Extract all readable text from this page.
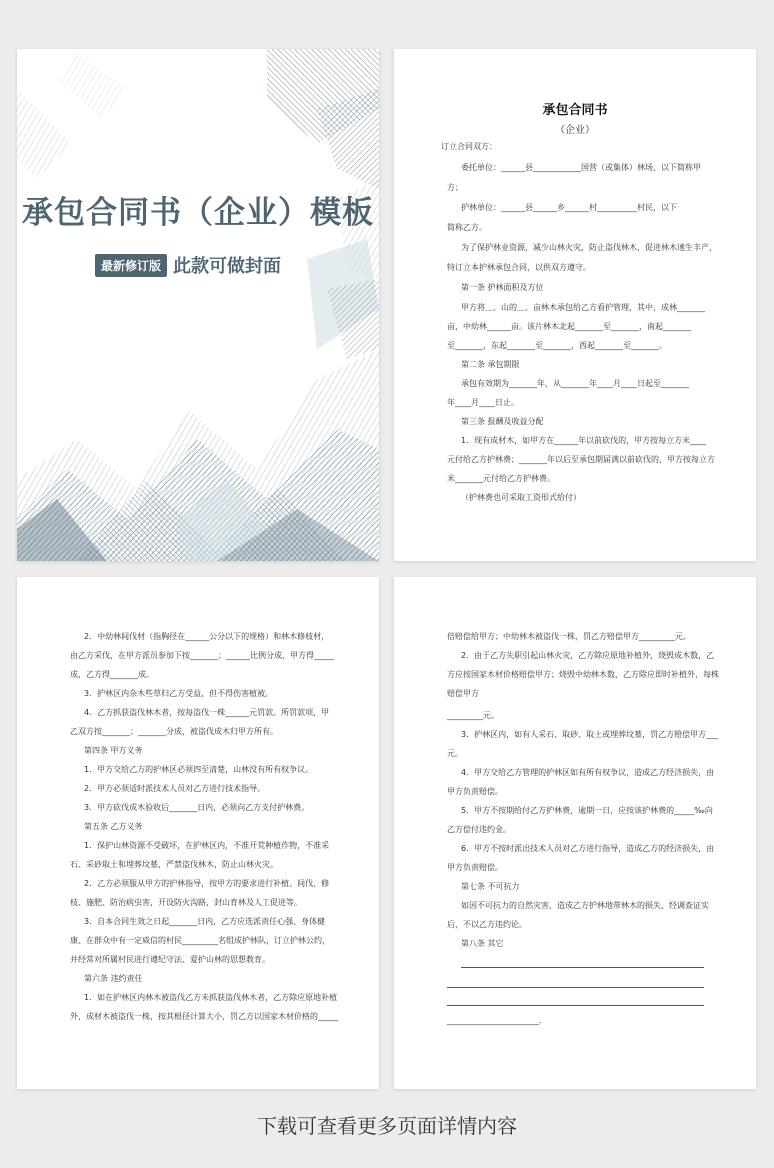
承包合同书（企业）模板
最新修订版 此款可做封面
承包合同书
（企业）
订立合同双方：
委托单位：______县____________国营（或集体）林场，以下简称甲
方；
护林单位：______县______乡______村__________村民，以下
简称乙方。
为了保护林业资源，减少山林火灾，防止盗伐林木，促进林木速生丰产，
特订立本护林承包合同，以供双方遵守。
第一条 护林面积及方位
甲方将＿、山的＿、亩林木承包给乙方看护管理，其中，成林_______
亩，中幼林______亩。该片林木北起_______至_______，南起_______
至_______，东起_______至_______，西起_______至_______。
第二条 承包期限
承包有效期为_______年，从_______年____月____日起至_______
年____月____日止。
第三条 报酬及收益分配
1．现有成材木，如甲方在______年以前砍伐的，甲方按每立方米____
元付给乙方护林费；_______年以后至承包期届满以前砍伐的，甲方按每立方
米_______元付给乙方护林费。
（护林费也可采取工资形式给付）
2．中幼林间伐材（指胸径在______公分以下的规格）和林木修枝材，
由乙方采伐，在甲方派员参加下按_______；______比例分成，甲方得_____
成，乙方得_______成。
3．护林区内杂木些草归乙方受益，但不得伤害植被。
4．乙方抓获盗伐林木者，按每盗伐一株______元罚款。所罚款项，甲
乙双方按_______；_______分成，被盗伐成木归甲方所有。
第四条 甲方义务
1．甲方交给乙方的护林区必须四至清楚，山林没有所有权争议。
2．甲方必须适时派技术人员对乙方进行技术指导。
3．甲方砍伐成木验收后_______日内，必须向乙方支付护林费。
第五条 乙方义务
1．保护山林资源不受破坏，在护林区内，不准开荒种植作物，不准采
石、采砂取土和埋葬坟墓，严禁盗伐林木，防止山林火灾。
2．乙方必须服从甲方的护林指导，按甲方的要求进行补植、间伐、修
枝、施肥、防治病虫害，开设防火沟路，封山育林及人工促进等。
3．自本合同生效之日起_______日内，乙方应选派责任心强、身体健
康、在群众中有一定威信的村民_________名组成护林队，订立护林公约，
并经常对所属村民进行遵纪守法、爱护山林的思想教育。
第六条 违约责任
1．如在护林区内林木被盗伐乙方未抓获盗伐林木者，乙方除应原地补植
外，成材木被盗伐一株，按其根径计算大小，罚乙方以国家木材价格的_____
倍赔偿给甲方；中幼林木被盗伐一株，罚乙方赔偿甲方_________元。
2．由于乙方失职引起山林火灾，乙方除应原地补植外，烧毁成木数，乙
方应按国家木材价格赔偿甲方；烧毁中幼林木数，乙方除应即时补植外，每株
赔偿甲方
_________元。
3．护林区内，如有人采石、取砂、取土或埋葬坟墓，罚乙方赔偿甲方___
元。
4．甲方交给乙方管理的护林区如有所有权争议，造成乙方经济损失，由
甲方负责赔偿。
5．甲方不按期给付乙方护林费，逾期一日，应按该护林费的_____‰向
乙方偿付违约金。
6．甲方不按时派出技术人员对乙方进行指导，造成乙方的经济损失，由
甲方负责赔偿。
第七条 不可抗力
如因不可抗力的自然灾害，造成乙方护林地带林木的损失，经调查证实
后，不以乙方违约论。
第八条 其它
_______________________.
下载可查看更多页面详情内容
